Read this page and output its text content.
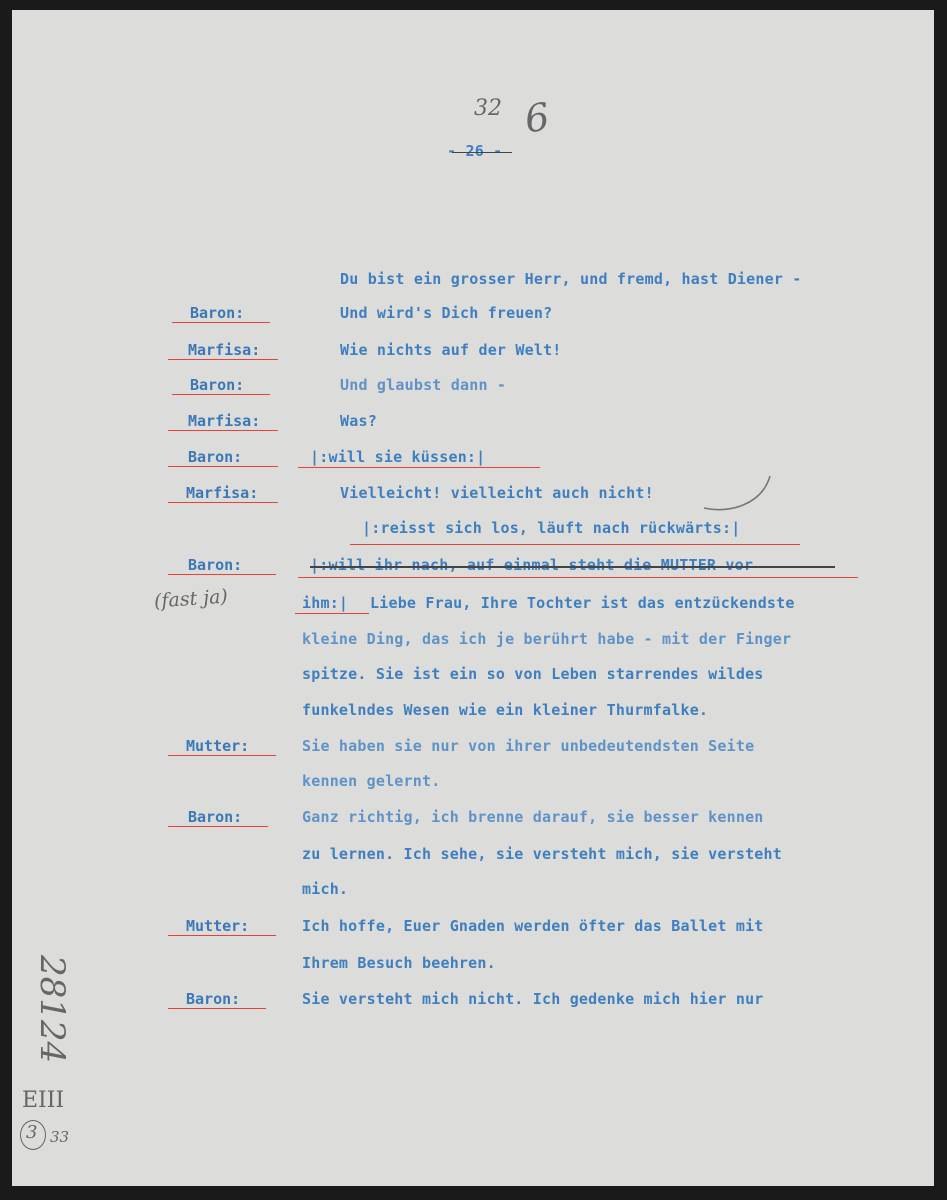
32 6
- 26 -
Du bist ein grosser Herr, und fremd, hast Diener -
Baron:	Und wird's Dich freuen?
Marfisa:	Wie nichts auf der Welt!
Baron:	Und glaubst dann -
Marfisa:	Was?
Baron:	|:will sie küssen:|
Marfisa:	Vielleicht! vielleicht auch nicht!
|:reisst sich los, läuft nach rückwärts:|
Baron:	|:will ihr nach, auf einmal steht die MUTTER vor
(fast ja)	ihm:| Liebe Frau, Ihre Tochter ist das entzückendste
kleine Ding, das ich je berührt habe - mit der Finger
spitze. Sie ist ein so von Leben starrendes wildes
funkelndes Wesen wie ein kleiner Thurmfalke.
Mutter:	Sie haben sie nur von ihrer unbedeutendsten Seite
kennen gelernt.
Baron:	Ganz richtig, ich brenne darauf, sie besser kennen
zu lernen. Ich sehe, sie versteht mich, sie versteht
mich.
Mutter:	Ich hoffe, Euer Gnaden werden öfter das Ballet mit
Ihrem Besuch beehren.
Baron:	Sie versteht mich nicht. Ich gedenke mich hier nur
28124
EIII
3 33
